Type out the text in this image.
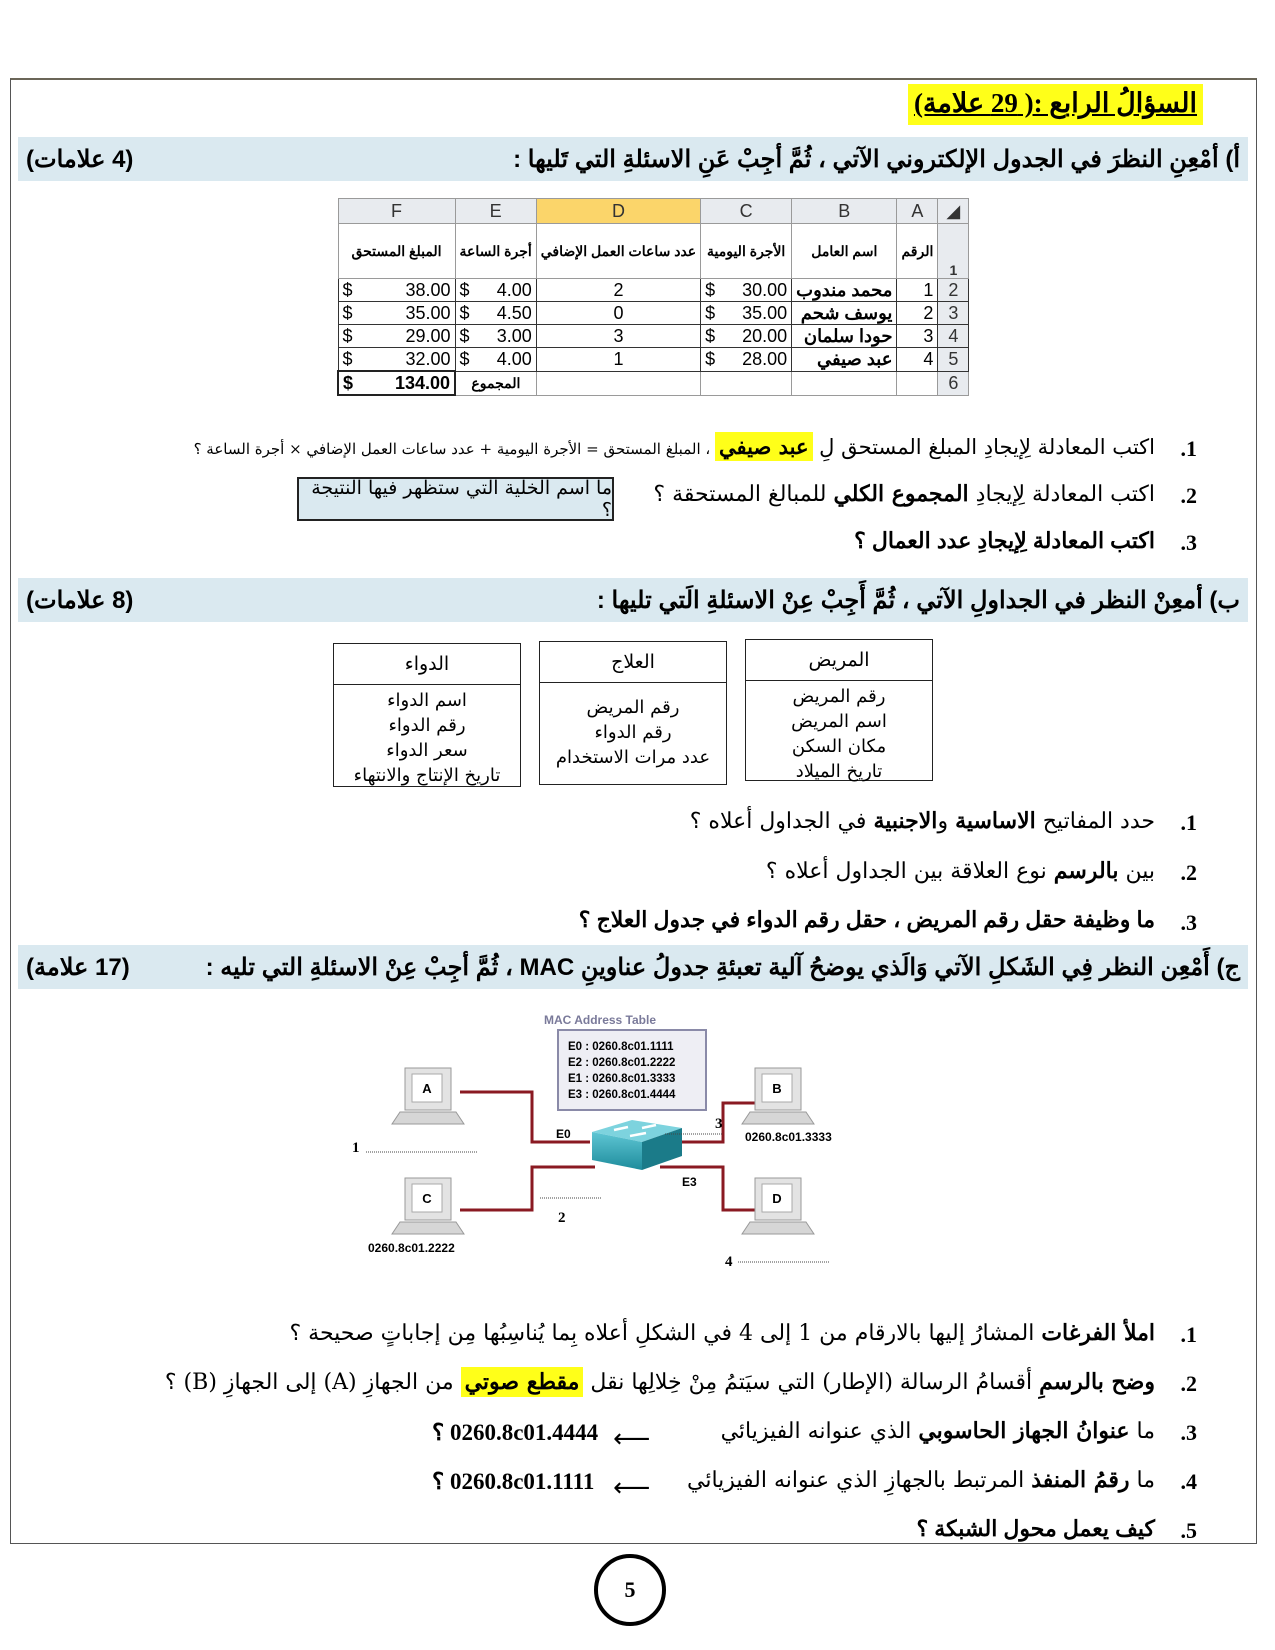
السؤالُ الرابع :( 29 علامة)
أ) أمْعِنِ النظرَ في الجدول الإلكتروني الآتي ، ثُمَّ أجِبْ عَنِ الاسئلةِ التي تَليها :
(4 علامات)
F	E	D	C	B	A	◢
المبلغ المستحق	أجرة الساعة	عدد ساعات العمل الإضافي	الأجرة اليومية	اسم العامل	الرقم	1

$ 38.00	$ 4.00	2	$ 30.00	محمد مندوب	1	2

$ 35.00	$ 4.50	0	$ 35.00	يوسف شحم	2	3

$ 29.00	$ 3.00	3	$ 20.00	حودا سلمان	3	4

$ 32.00	$ 4.00	1	$ 28.00	عبد صيفي	4	5

$ 134.00	المجموع					6
.1
اكتب المعادلة لِإيجادِ المبلغ المستحق لِ عبد صيفي ، المبلغ المستحق = الأجرة اليومية + عدد ساعات العمل الإضافي × أجرة الساعة ؟
.2
اكتب المعادلة لِإيجادِ المجموع الكلي للمبالغ المستحقة ؟
ما اسم الخلية التي ستظهر فيها النتيجة ؟
.3
اكتب المعادلة لِإيجادِ عدد العمال ؟
ب) أمعِنْ النظر في الجداولِ الآتي ، ثُمَّ أَجِبْ عِنْ الاسئلةِ الَتي تليها :
(8 علامات)
المريض
رقم المريض
اسم المريض
مكان السكن
تاريخ الميلاد
العلاج
رقم المريض
رقم الدواء
عدد مرات الاستخدام
الدواء
اسم الدواء
رقم الدواء
سعر الدواء
تاريخ الإنتاج والانتهاء
.1
حدد المفاتيح الاساسية والاجنبية في الجداول أعلاه ؟
.2
بين بالرسم نوع العلاقة بين الجداول أعلاه ؟
.3
ما وظيفة حقل رقم المريض ، حقل رقم الدواء في جدول العلاج ؟
ج) أَمْعِن النظر فِي الشَكلِ الآتي وَالَذي يوضحُ آلية تعبئةِ جدولُ عناوينِ MAC ، ثُمَّ أجِبْ عِنْ الاسئلةِ التي تليه :
(17 علامة)
MAC Address Table
E0 : 0260.8c01.1111
E2 : 0260.8c01.2222
E1 : 0260.8c01.3333
E3 : 0260.8c01.4444
A	B
C	D
E0
E3
0260.8c01.3333
0260.8c01.2222
1
2
3
4
.1
املأ الفرغات المشارُ إليها بالارقام من 1 إلى 4 في الشكلِ أعلاه بِما يُناسِبُها مِن إجاباتٍ صحيحة ؟
.2
وضح بالرسمِ أقسامُ الرسالة (الإطار) التي سيَتمُ مِنْ خِلالِها نقل مقطع صوتي من الجهازِ (A) إلى الجهازِ (B) ؟
.3
ما عنوانُ الجهاز الحاسوبي الذي عنوانه الفيزيائي
⟵
0260.8c01.4444 ؟
.4
ما رقمُ المنفذ المرتبط بالجهازِ الذي عنوانه الفيزيائي
⟵
0260.8c01.1111 ؟
.5
كيف يعمل محول الشبكة ؟
5
